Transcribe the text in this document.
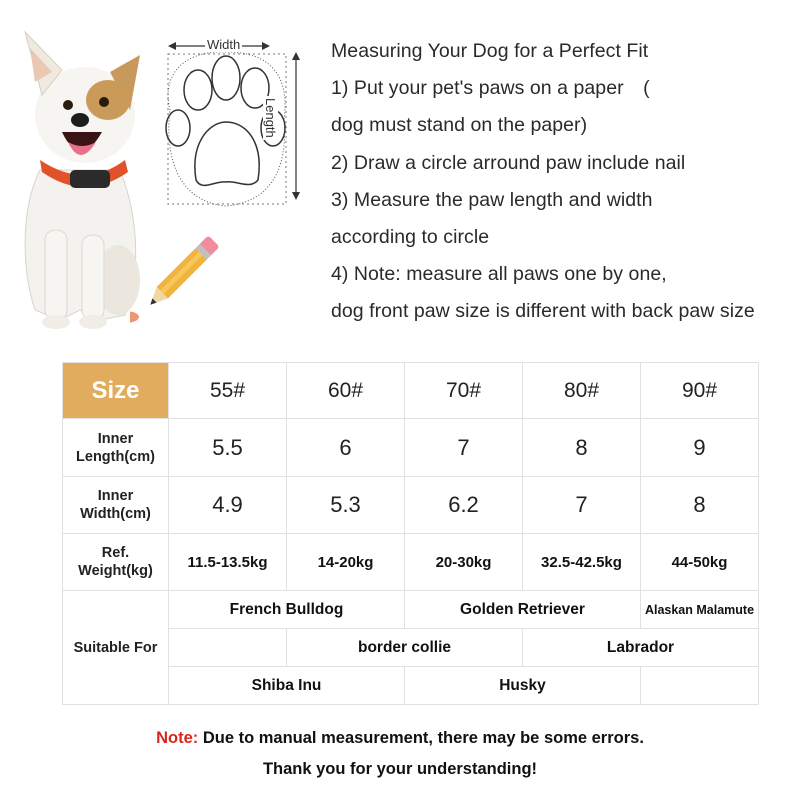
Width
Length
Measuring Your Dog for a Perfect Fit
1) Put your pet's paws on a paper　(
dog must stand on the paper)
2) Draw a circle arround paw include nail
3) Measure the paw length and width
according to circle
4) Note: measure all paws one by one,
dog front paw size is different with back paw size
Size	55#	60#	70#	80#	90#
Inner
Length(cm)	5.5	6	7	8	9
Inner
Width(cm)	4.9	5.3	6.2	7	8
Ref.
Weight(kg)	11.5-13.5kg	14-20kg	20-30kg	32.5-42.5kg	44-50kg
Suitable For	French Bulldog		Golden Retriever		Alaskan Malamute
		border collie		Labrador	
	Shiba Inu		Husky		
Note: Due to manual measurement, there may be some errors.
Thank you for your understanding!
